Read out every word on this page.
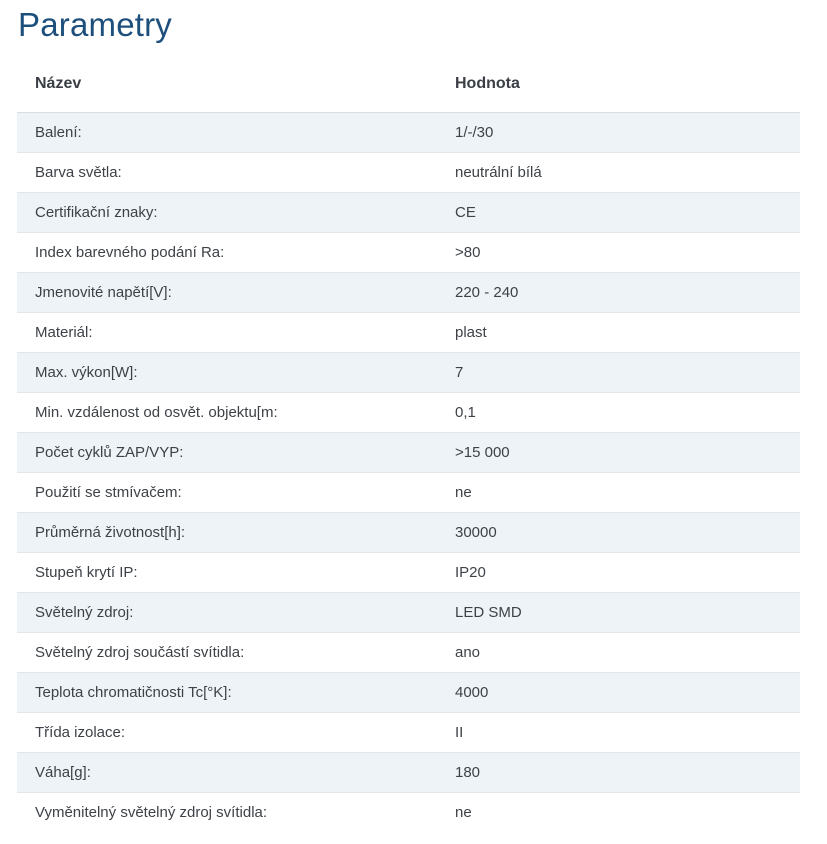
Parametry
Název	Hodnota
Balení:	1/-/30
Barva světla:	neutrální bílá
Certifikační znaky:	CE
Index barevného podání Ra:	>80
Jmenovité napětí[V]:	220 - 240
Materiál:	plast
Max. výkon[W]:	7
Min. vzdálenost od osvět. objektu[m:	0,1
Počet cyklů ZAP/VYP:	>15 000
Použití se stmívačem:	ne
Průměrná životnost[h]:	30000
Stupeň krytí IP:	IP20
Světelný zdroj:	LED SMD
Světelný zdroj součástí svítidla:	ano
Teplota chromatičnosti Tc[°K]:	4000
Třída izolace:	II
Váha[g]:	180
Vyměnitelný světelný zdroj svítidla:	ne
